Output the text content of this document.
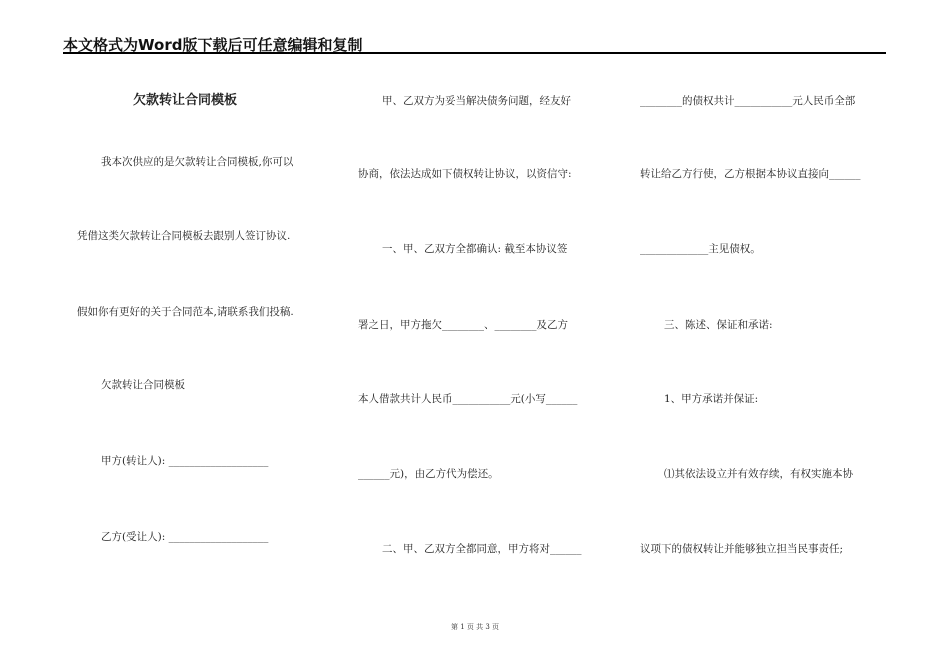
本文格式为Word版下载后可任意编辑和复制
欠款转让合同模板
我本次供应的是欠款转让合同模板,你可以
凭借这类欠款转让合同模板去跟别人签订协议.
假如你有更好的关于合同范本,请联系我们投稿.
欠款转让合同模板
甲方(转让人): ___________________
乙方(受让人): ___________________
甲、乙双方为妥当解决债务问题，经友好
协商，依法达成如下债权转让协议，以资信守:
一、甲、乙双方全都确认: 截至本协议签
署之日，甲方拖欠________、________及乙方
本人借款共计人民币___________元(小写______
______元)，由乙方代为偿还。
二、甲、乙双方全都同意，甲方将对______
________的债权共计___________元人民币全部
转让给乙方行使，乙方根据本协议直接向______
_____________主见债权。
三、陈述、保证和承诺:
1、甲方承诺并保证:
⑴其依法设立并有效存续，有权实施本协
议项下的债权转让并能够独立担当民事责任;
第 1 页 共 3 页
